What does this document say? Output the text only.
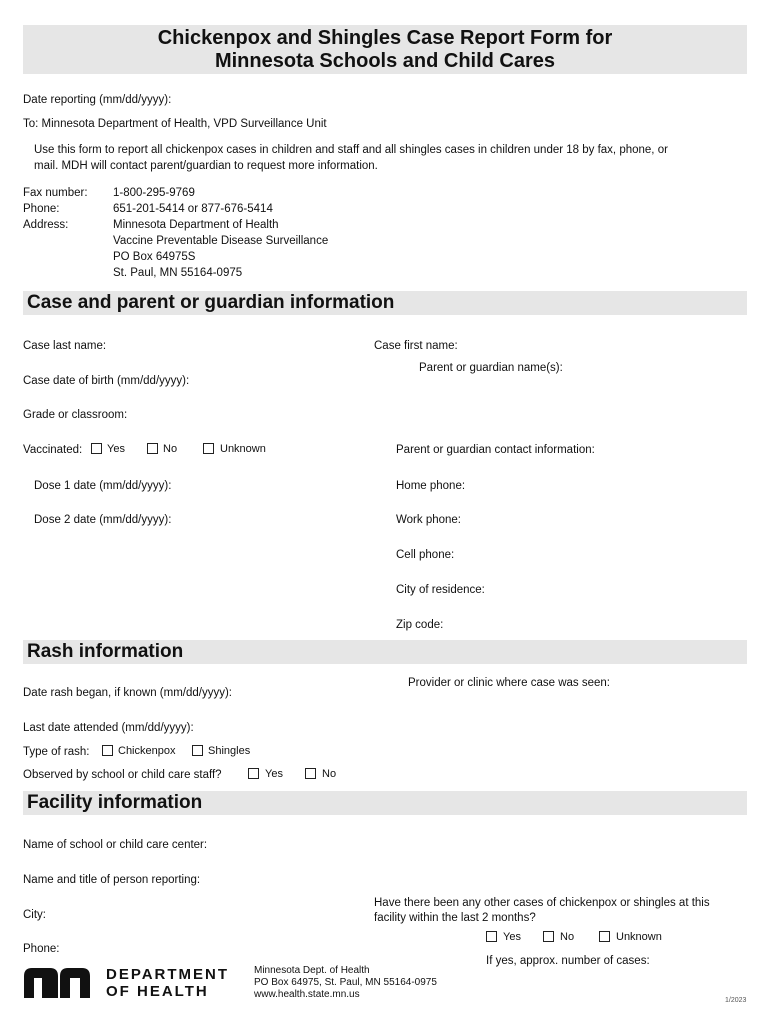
Chickenpox and Shingles Case Report Form for
Minnesota Schools and Child Cares
Date reporting (mm/dd/yyyy):
To: Minnesota Department of Health, VPD Surveillance Unit
Use this form to report all chickenpox cases in children and staff and all shingles cases in children under 18 by fax, phone, or
mail. MDH will contact parent/guardian to request more information.
Fax number: 1-800-295-9769
Phone:	651-201-5414 or 877-676-5414
Address:	Minnesota Department of Health
Vaccine Preventable Disease Surveillance
PO Box 64975S
St. Paul, MN 55164-0975
Case and parent or guardian information
Case last name:	Case first name:
Case date of birth (mm/dd/yyyy):
Parent or guardian name(s):
Grade or classroom:
Vaccinated: Yes	No	Unknown	Parent or guardian contact information:
Dose 1 date (mm/dd/yyyy):	Home phone:
Dose 2 date (mm/dd/yyyy):	Work phone:
Cell phone:
City of residence:
Zip code:
Rash information
Date rash began, if known (mm/dd/yyyy):
Provider or clinic where case was seen:
Last date attended (mm/dd/yyyy):
Type of rash:	Chickenpox	Shingles
Observed by school or child care staff?	Yes	No
Facility information
Name of school or child care center:
Name and title of person reporting:
City:
Phone:
Have there been any other cases of chickenpox or shingles at this
facility within the last 2 months?
Yes	No	Unknown
If yes, approx. number of cases:
DEPARTMENT
OF HEALTH
Minnesota Dept. of Health
PO Box 64975, St. Paul, MN 55164-0975
www.health.state.mn.us
1/2023
